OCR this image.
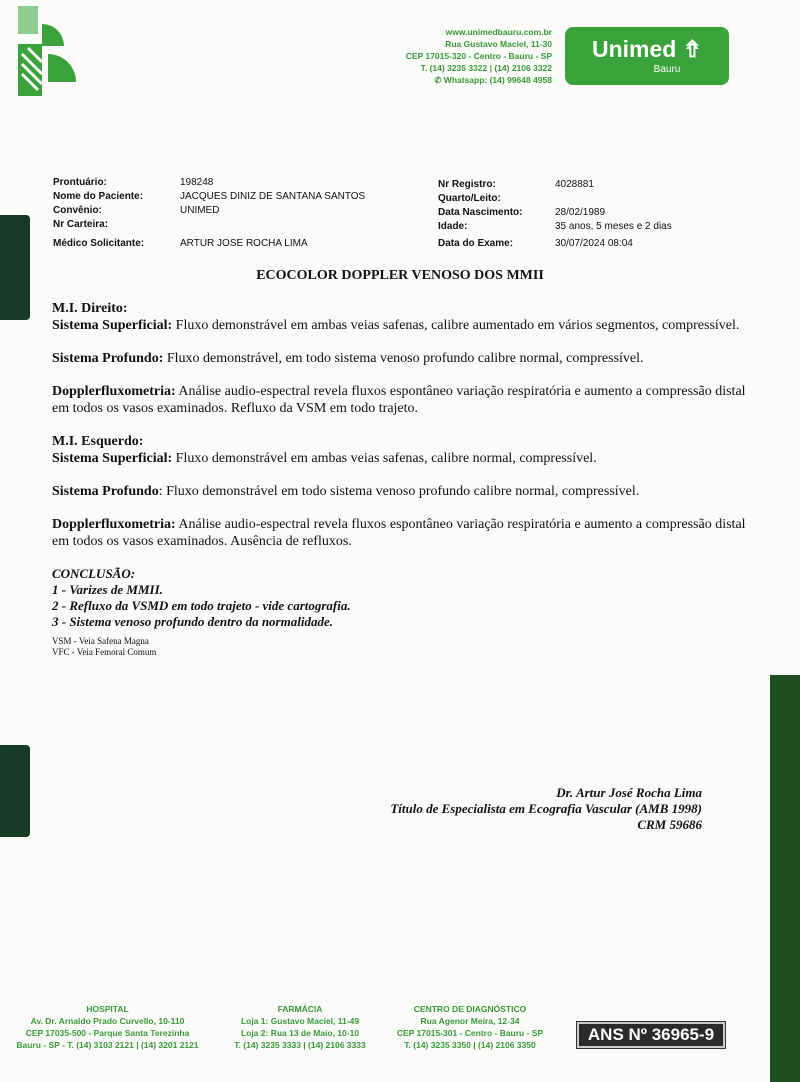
www.unimedbauru.com.br
Rua Gustavo Maciel, 11-30
CEP 17015-320 - Centro - Bauru - SP
T. (14) 3235 3322 | (14) 2106 3322
✆ Whatsapp: (14) 99648 4958
Unimed ⇮
Bauru
Prontuário:	198248
Nome do Paciente:	JACQUES DINIZ DE SANTANA SANTOS
Convênio:	UNIMED
Nr Carteira:
Médico Solicitante:	ARTUR JOSE ROCHA LIMA
Nr Registro:	4028881
Quarto/Leito:
Data Nascimento:	28/02/1989
Idade:	35 anos, 5 meses e 2 dias
Data do Exame:	30/07/2024 08:04
ECOCOLOR DOPPLER VENOSO DOS MMII
M.I. Direito:

Sistema Superficial: Fluxo demonstrável em ambas veias safenas, calibre aumentado em vários segmentos, compressível.

Sistema Profundo: Fluxo demonstrável, em todo sistema venoso profundo calibre normal, compressível.

Dopplerfluxometria: Análise audio-espectral revela fluxos espontâneo variação respiratória e aumento a compressão distal em todos os vasos examinados. Refluxo da VSM em todo trajeto.

M.I. Esquerdo:

Sistema Superficial: Fluxo demonstrável em ambas veias safenas, calibre normal, compressível.

Sistema Profundo: Fluxo demonstrável em todo sistema venoso profundo calibre normal, compressível.

Dopplerfluxometria: Análise audio-espectral revela fluxos espontâneo variação respiratória e aumento a compressão distal em todos os vasos examinados. Ausência de refluxos.

CONCLUSÃO:
1 - Varizes de MMII.
2 - Refluxo da VSMD em todo trajeto - vide cartografia.
3 - Sistema venoso profundo dentro da normalidade.
VSM - Veia Safena Magna
VFC - Veia Femoral Comum
Dr. Artur José Rocha Lima
Título de Especialista em Ecografia Vascular (AMB 1998)
CRM 59686
HOSPITAL
Av. Dr. Arnaldo Prado Curvello, 10-110
CEP 17035-500 - Parque Santa Terezinha
Bauru - SP - T. (14) 3103 2121 | (14) 3201 2121
FARMÁCIA
Loja 1: Gustavo Maciel, 11-49
Loja 2: Rua 13 de Maio, 10-10
T. (14) 3235 3333 | (14) 2106 3333
CENTRO DE DIAGNÓSTICO
Rua Agenor Meira, 12-34
CEP 17015-301 - Centro - Bauru - SP
T. (14) 3235 3350 | (14) 2106 3350
ANS Nº 36965-9
